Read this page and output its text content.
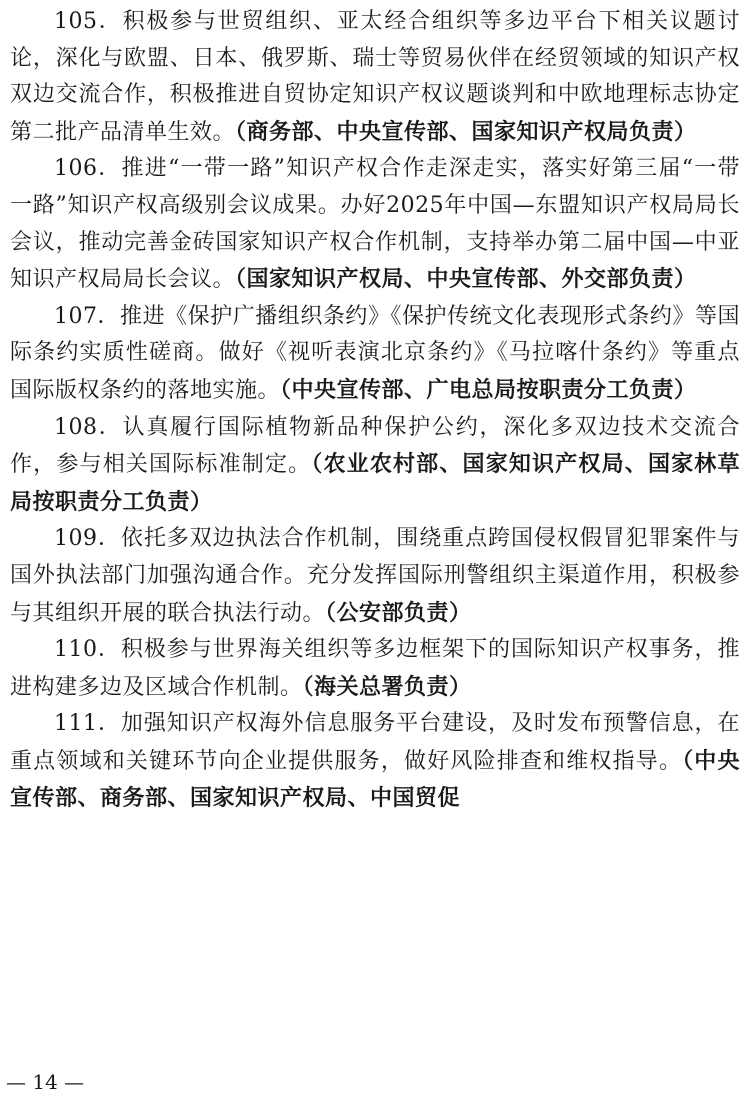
105．积极参与世贸组织、亚太经合组织等多边平台下相关议题讨论，深化与欧盟、日本、俄罗斯、瑞士等贸易伙伴在经贸领域的知识产权双边交流合作，积极推进自贸协定知识产权议题谈判和中欧地理标志协定第二批产品清单生效。（商务部、中央宣传部、国家知识产权局负责）

106．推进“一带一路”知识产权合作走深走实，落实好第三届“一带一路”知识产权高级别会议成果。办好2025年中国—东盟知识产权局局长会议，推动完善金砖国家知识产权合作机制，支持举办第二届中国—中亚知识产权局局长会议。（国家知识产权局、中央宣传部、外交部负责）

107．推进《保护广播组织条约》《保护传统文化表现形式条约》等国际条约实质性磋商。做好《视听表演北京条约》《马拉喀什条约》等重点国际版权条约的落地实施。（中央宣传部、广电总局按职责分工负责）

108．认真履行国际植物新品种保护公约，深化多双边技术交流合作，参与相关国际标准制定。（农业农村部、国家知识产权局、国家林草局按职责分工负责）

109．依托多双边执法合作机制，围绕重点跨国侵权假冒犯罪案件与国外执法部门加强沟通合作。充分发挥国际刑警组织主渠道作用，积极参与其组织开展的联合执法行动。（公安部负责）

110．积极参与世界海关组织等多边框架下的国际知识产权事务，推进构建多边及区域合作机制。（海关总署负责）

111．加强知识产权海外信息服务平台建设，及时发布预警信息，在重点领域和关键环节向企业提供服务，做好风险排查和维权指导。（中央宣传部、商务部、国家知识产权局、中国贸促

— 14 —
